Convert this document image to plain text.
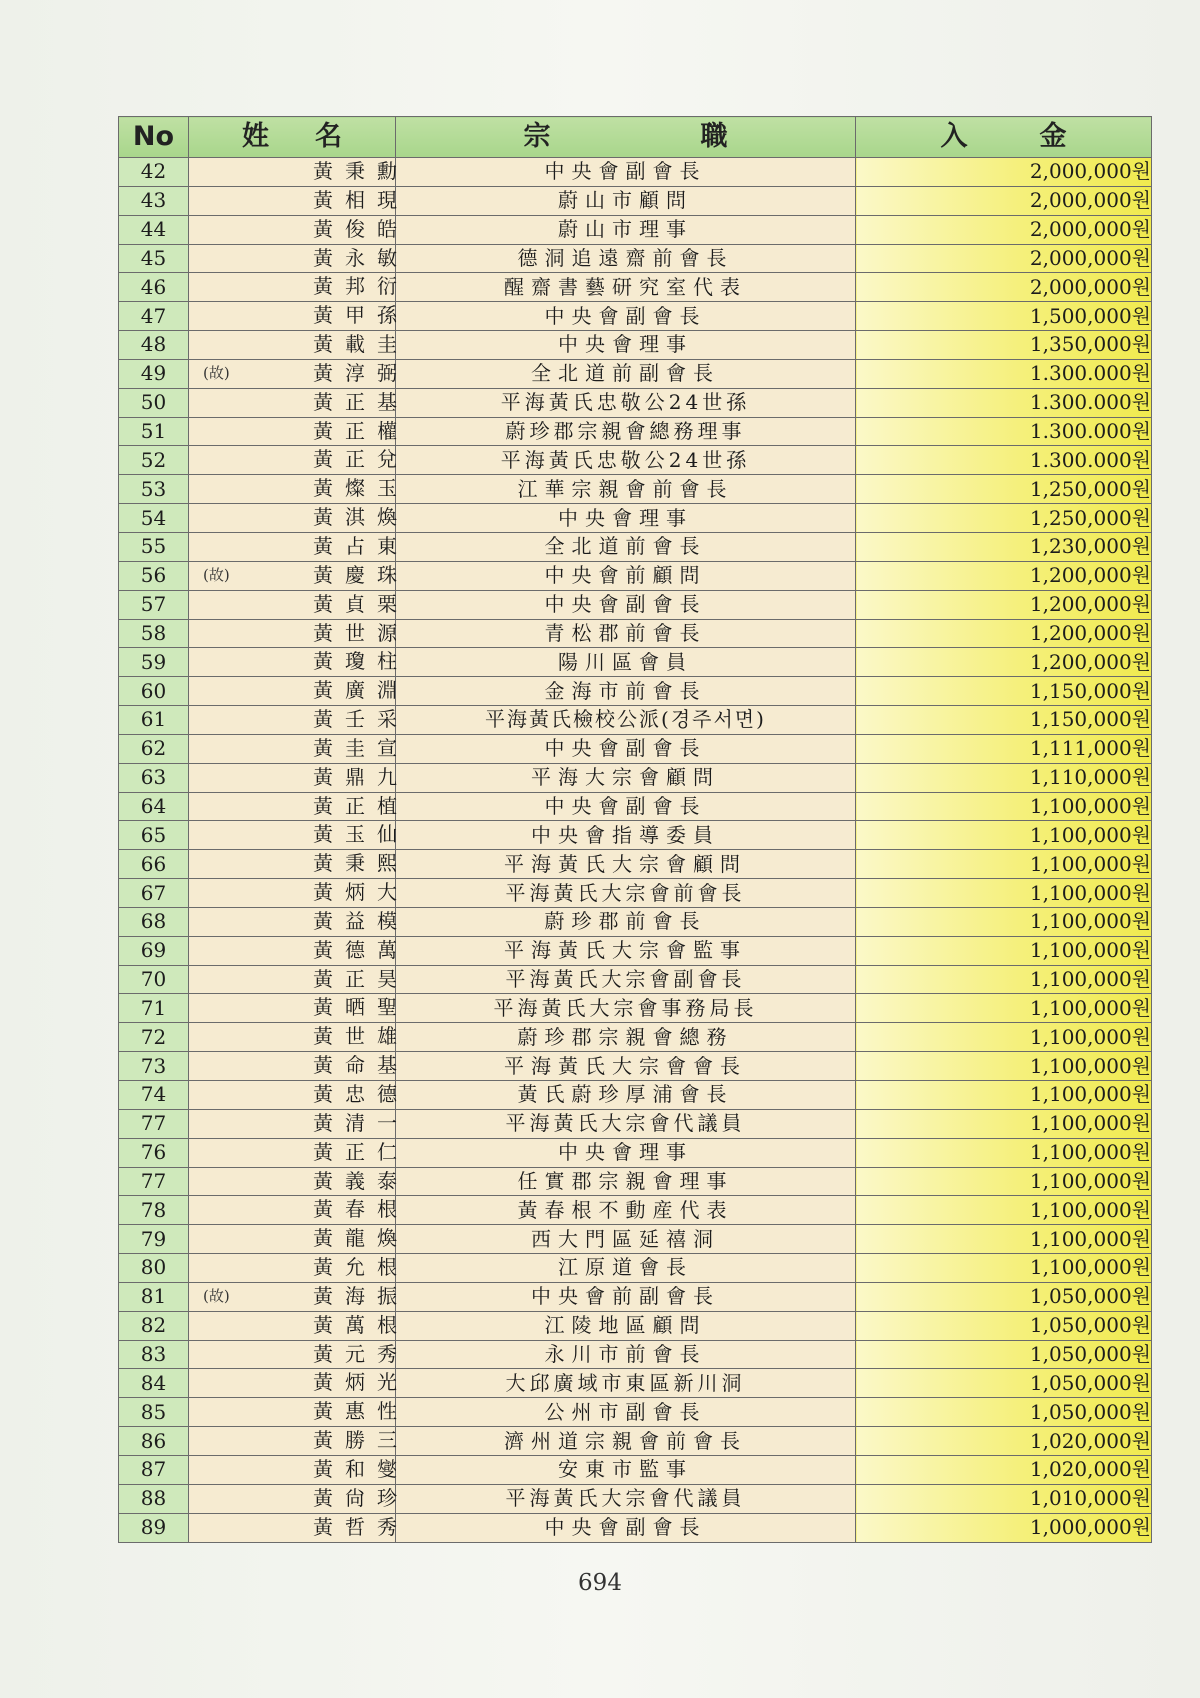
No	姓 名	宗 職	入 金
42	黃秉勳	中央會副會長	2,000,000원
43	黃相現	蔚山市顧問	2,000,000원
44	黃俊皓	蔚山市理事	2,000,000원
45	黃永敏	德洞追遠齋前會長	2,000,000원
46	黃邦衍	醒齋書藝研究室代表	2,000,000원
47	黃甲孫	中央會副會長	1,500,000원
48	黃載圭	中央會理事	1,350,000원
49	(故) 黃淳弼	全北道前副會長	1.300.000원
50	黃正基	平海黃氏忠敬公24世孫	1.300.000원
51	黃正權	蔚珍郡宗親會總務理事	1.300.000원
52	黃正兌	平海黃氏忠敬公24世孫	1.300.000원
53	黃燦玉	江華宗親會前會長	1,250,000원
54	黃淇煥	中央會理事	1,250,000원
55	黃占東	全北道前會長	1,230,000원
56	(故) 黃慶珠	中央會前顧問	1,200,000원
57	黃貞栗	中央會副會長	1,200,000원
58	黃世源	青松郡前會長	1,200,000원
59	黃瓊柱	陽川區會員	1,200,000원
60	黃廣淵	金海市前會長	1,150,000원
61	黃壬采	平海黃氏檢校公派(경주서면)	1,150,000원
62	黃圭宣	中央會副會長	1,111,000원
63	黃鼎九	平海大宗會顧問	1,110,000원
64	黃正植	中央會副會長	1,100,000원
65	黃玉仙	中央會指導委員	1,100,000원
66	黃秉熙	平海黃氏大宗會顧問	1,100,000원
67	黃炳大	平海黃氏大宗會前會長	1,100,000원
68	黃益模	蔚珍郡前會長	1,100,000원
69	黃德萬	平海黃氏大宗會監事	1,100,000원
70	黃正昊	平海黃氏大宗會副會長	1,100,000원
71	黃晒聖	平海黃氏大宗會事務局長	1,100,000원
72	黃世雄	蔚珍郡宗親會總務	1,100,000원
73	黃命基	平海黃氏大宗會會長	1,100,000원
74	黃忠德	黃氏蔚珍厚浦會長	1,100,000원
77	黃清一	平海黃氏大宗會代議員	1,100,000원
76	黃正仁	中央會理事	1,100,000원
77	黃義泰	任實郡宗親會理事	1,100,000원
78	黃春根	黃春根不動産代表	1,100,000원
79	黃龍煥	西大門區延禧洞	1,100,000원
80	黃允根	江原道會長	1,100,000원
81	(故) 黃海振	中央會前副會長	1,050,000원
82	黃萬根	江陵地區顧問	1,050,000원
83	黃元秀	永川市前會長	1,050,000원
84	黃炳光	大邱廣域市東區新川洞	1,050,000원
85	黃惠性	公州市副會長	1,050,000원
86	黃勝三	濟州道宗親會前會長	1,020,000원
87	黃和燮	安東市監事	1,020,000원
88	黃尙珍	平海黃氏大宗會代議員	1,010,000원
89	黃哲秀	中央會副會長	1,000,000원
694
